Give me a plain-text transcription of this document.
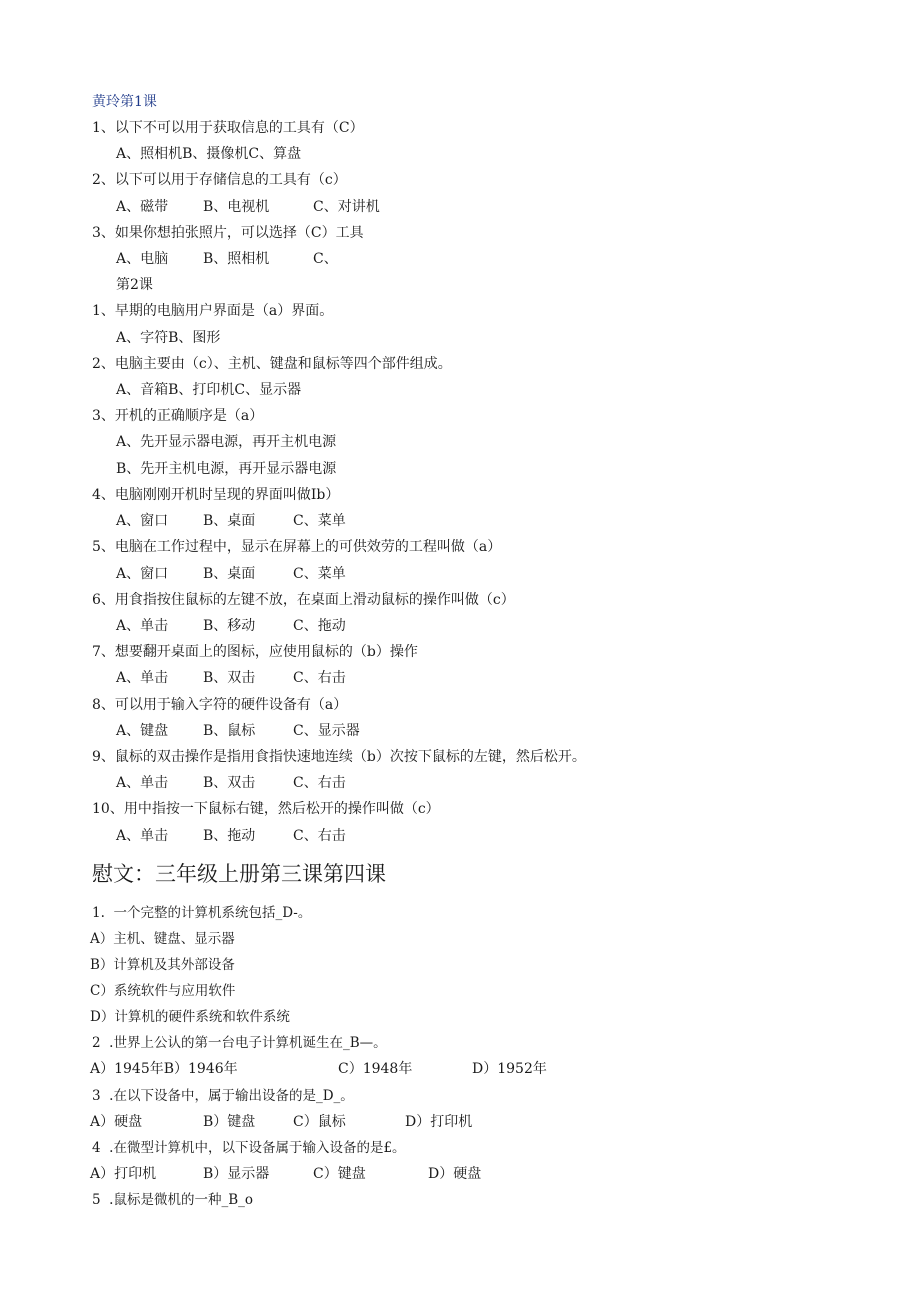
黄玲第1课
1、以下不可以用于获取信息的工具有（C）
A、照相机B、摄像机C、算盘
2、以下可以用于存储信息的工具有（c）
A、磁带 B、电视机	C、对讲机
3、如果你想拍张照片，可以选择（C）工具
A、电脑 B、照相机	C、
第2课
1、早期的电脑用户界面是（a）界面。
A、字符B、图形
2、电脑主要由（c）、主机、键盘和鼠标等四个部件组成。
A、音箱B、打印机C、显示器
3、开机的正确顺序是（a）
A、先开显示器电源，再开主机电源
B、先开主机电源，再开显示器电源
4、电脑刚刚开机时呈现的界面叫做Ib）
A、窗口 B、桌面	C、菜单
5、电脑在工作过程中，显示在屏幕上的可供效劳的工程叫做（a）
A、窗口 B、桌面	C、菜单
6、用食指按住鼠标的左键不放，在桌面上滑动鼠标的操作叫做（c）
A、单击 B、移动	C、拖动
7、想要翻开桌面上的图标，应使用鼠标的（b）操作
A、单击 B、双击	C、右击
8、可以用于输入字符的硬件设备有（a）
A、键盘 B、鼠标	C、显示器
9、鼠标的双击操作是指用食指快速地连续（b）次按下鼠标的左键，然后松开。
A、单击 B、双击	C、右击
10、用中指按一下鼠标右键，然后松开的操作叫做（c）
A、单击 B、拖动	C、右击
慰文：三年级上册第三课第四课
1.  一个完整的计算机系统包括_D-。
A）主机、键盘、显示器
B）计算机及其外部设备
C）系统软件与应用软件
D）计算机的硬件系统和软件系统
2  .世界上公认的第一台电子计算机诞生在_B—。
A）1945年B）1946年	C）1948年	D）1952年
3  .在以下设备中，属于输出设备的是_D_。
A）硬盘	B）键盘	C）鼠标	D）打印机
4  .在微型计算机中，以下设备属于输入设备的是£。
A）打印机	B）显示器	C）键盘	D）硬盘
5  .鼠标是微机的一种_B_o
